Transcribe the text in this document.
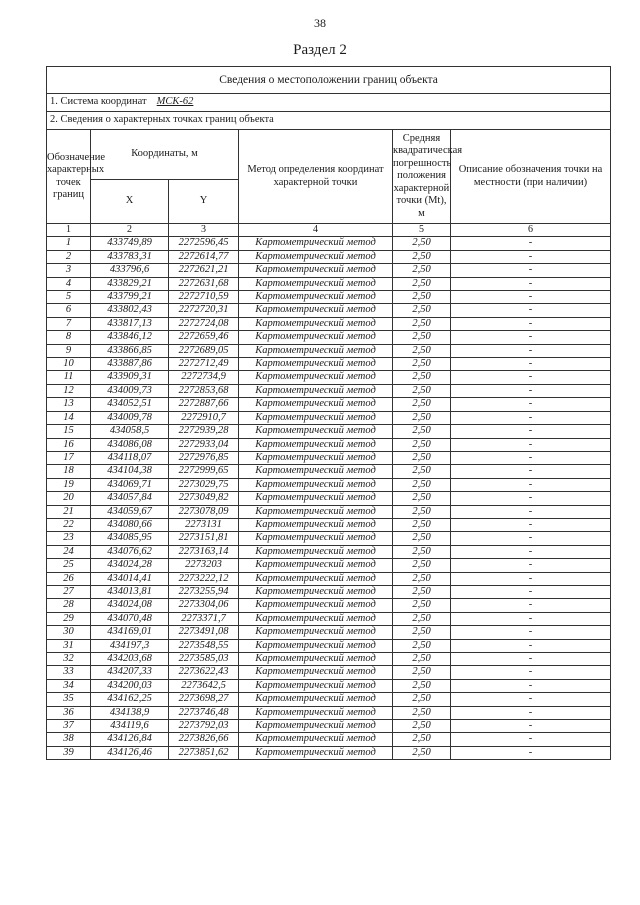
38
Раздел 2
Сведения о местоположении границ объекта					
1. Система координат МСК-62					
2. Сведения о характерных точках границ объекта					
Обозначение характерных точек границ	Координаты, м		Метод определения координат характерной точки	Средняя квадратическая погрешность положения характерной точки (Mt), м	Описание обозначения точки на местности (при наличии)
	X	Y			
1	2	3	4	5	6
1	433749,89	2272596,45	Картометрический метод	2,50	-
2	433783,31	2272614,77	Картометрический метод	2,50	-
3	433796,6	2272621,21	Картометрический метод	2,50	-
4	433829,21	2272631,68	Картометрический метод	2,50	-
5	433799,21	2272710,59	Картометрический метод	2,50	-
6	433802,43	2272720,31	Картометрический метод	2,50	-
7	433817,13	2272724,08	Картометрический метод	2,50	-
8	433846,12	2272659,46	Картометрический метод	2,50	-
9	433866,85	2272689,05	Картометрический метод	2,50	-
10	433887,86	2272712,49	Картометрический метод	2,50	-
11	433909,31	2272734,9	Картометрический метод	2,50	-
12	434009,73	2272853,68	Картометрический метод	2,50	-
13	434052,51	2272887,66	Картометрический метод	2,50	-
14	434009,78	2272910,7	Картометрический метод	2,50	-
15	434058,5	2272939,28	Картометрический метод	2,50	-
16	434086,08	2272933,04	Картометрический метод	2,50	-
17	434118,07	2272976,85	Картометрический метод	2,50	-
18	434104,38	2272999,65	Картометрический метод	2,50	-
19	434069,71	2273029,75	Картометрический метод	2,50	-
20	434057,84	2273049,82	Картометрический метод	2,50	-
21	434059,67	2273078,09	Картометрический метод	2,50	-
22	434080,66	2273131	Картометрический метод	2,50	-
23	434085,95	2273151,81	Картометрический метод	2,50	-
24	434076,62	2273163,14	Картометрический метод	2,50	-
25	434024,28	2273203	Картометрический метод	2,50	-
26	434014,41	2273222,12	Картометрический метод	2,50	-
27	434013,81	2273255,94	Картометрический метод	2,50	-
28	434024,08	2273304,06	Картометрический метод	2,50	-
29	434070,48	2273371,7	Картометрический метод	2,50	-
30	434169,01	2273491,08	Картометрический метод	2,50	-
31	434197,3	2273548,55	Картометрический метод	2,50	-
32	434203,68	2273585,03	Картометрический метод	2,50	-
33	434207,33	2273622,43	Картометрический метод	2,50	-
34	434200,03	2273642,5	Картометрический метод	2,50	-
35	434162,25	2273698,27	Картометрический метод	2,50	-
36	434138,9	2273746,48	Картометрический метод	2,50	-
37	434119,6	2273792,03	Картометрический метод	2,50	-
38	434126,84	2273826,66	Картометрический метод	2,50	-
39	434126,46	2273851,62	Картометрический метод	2,50	-
